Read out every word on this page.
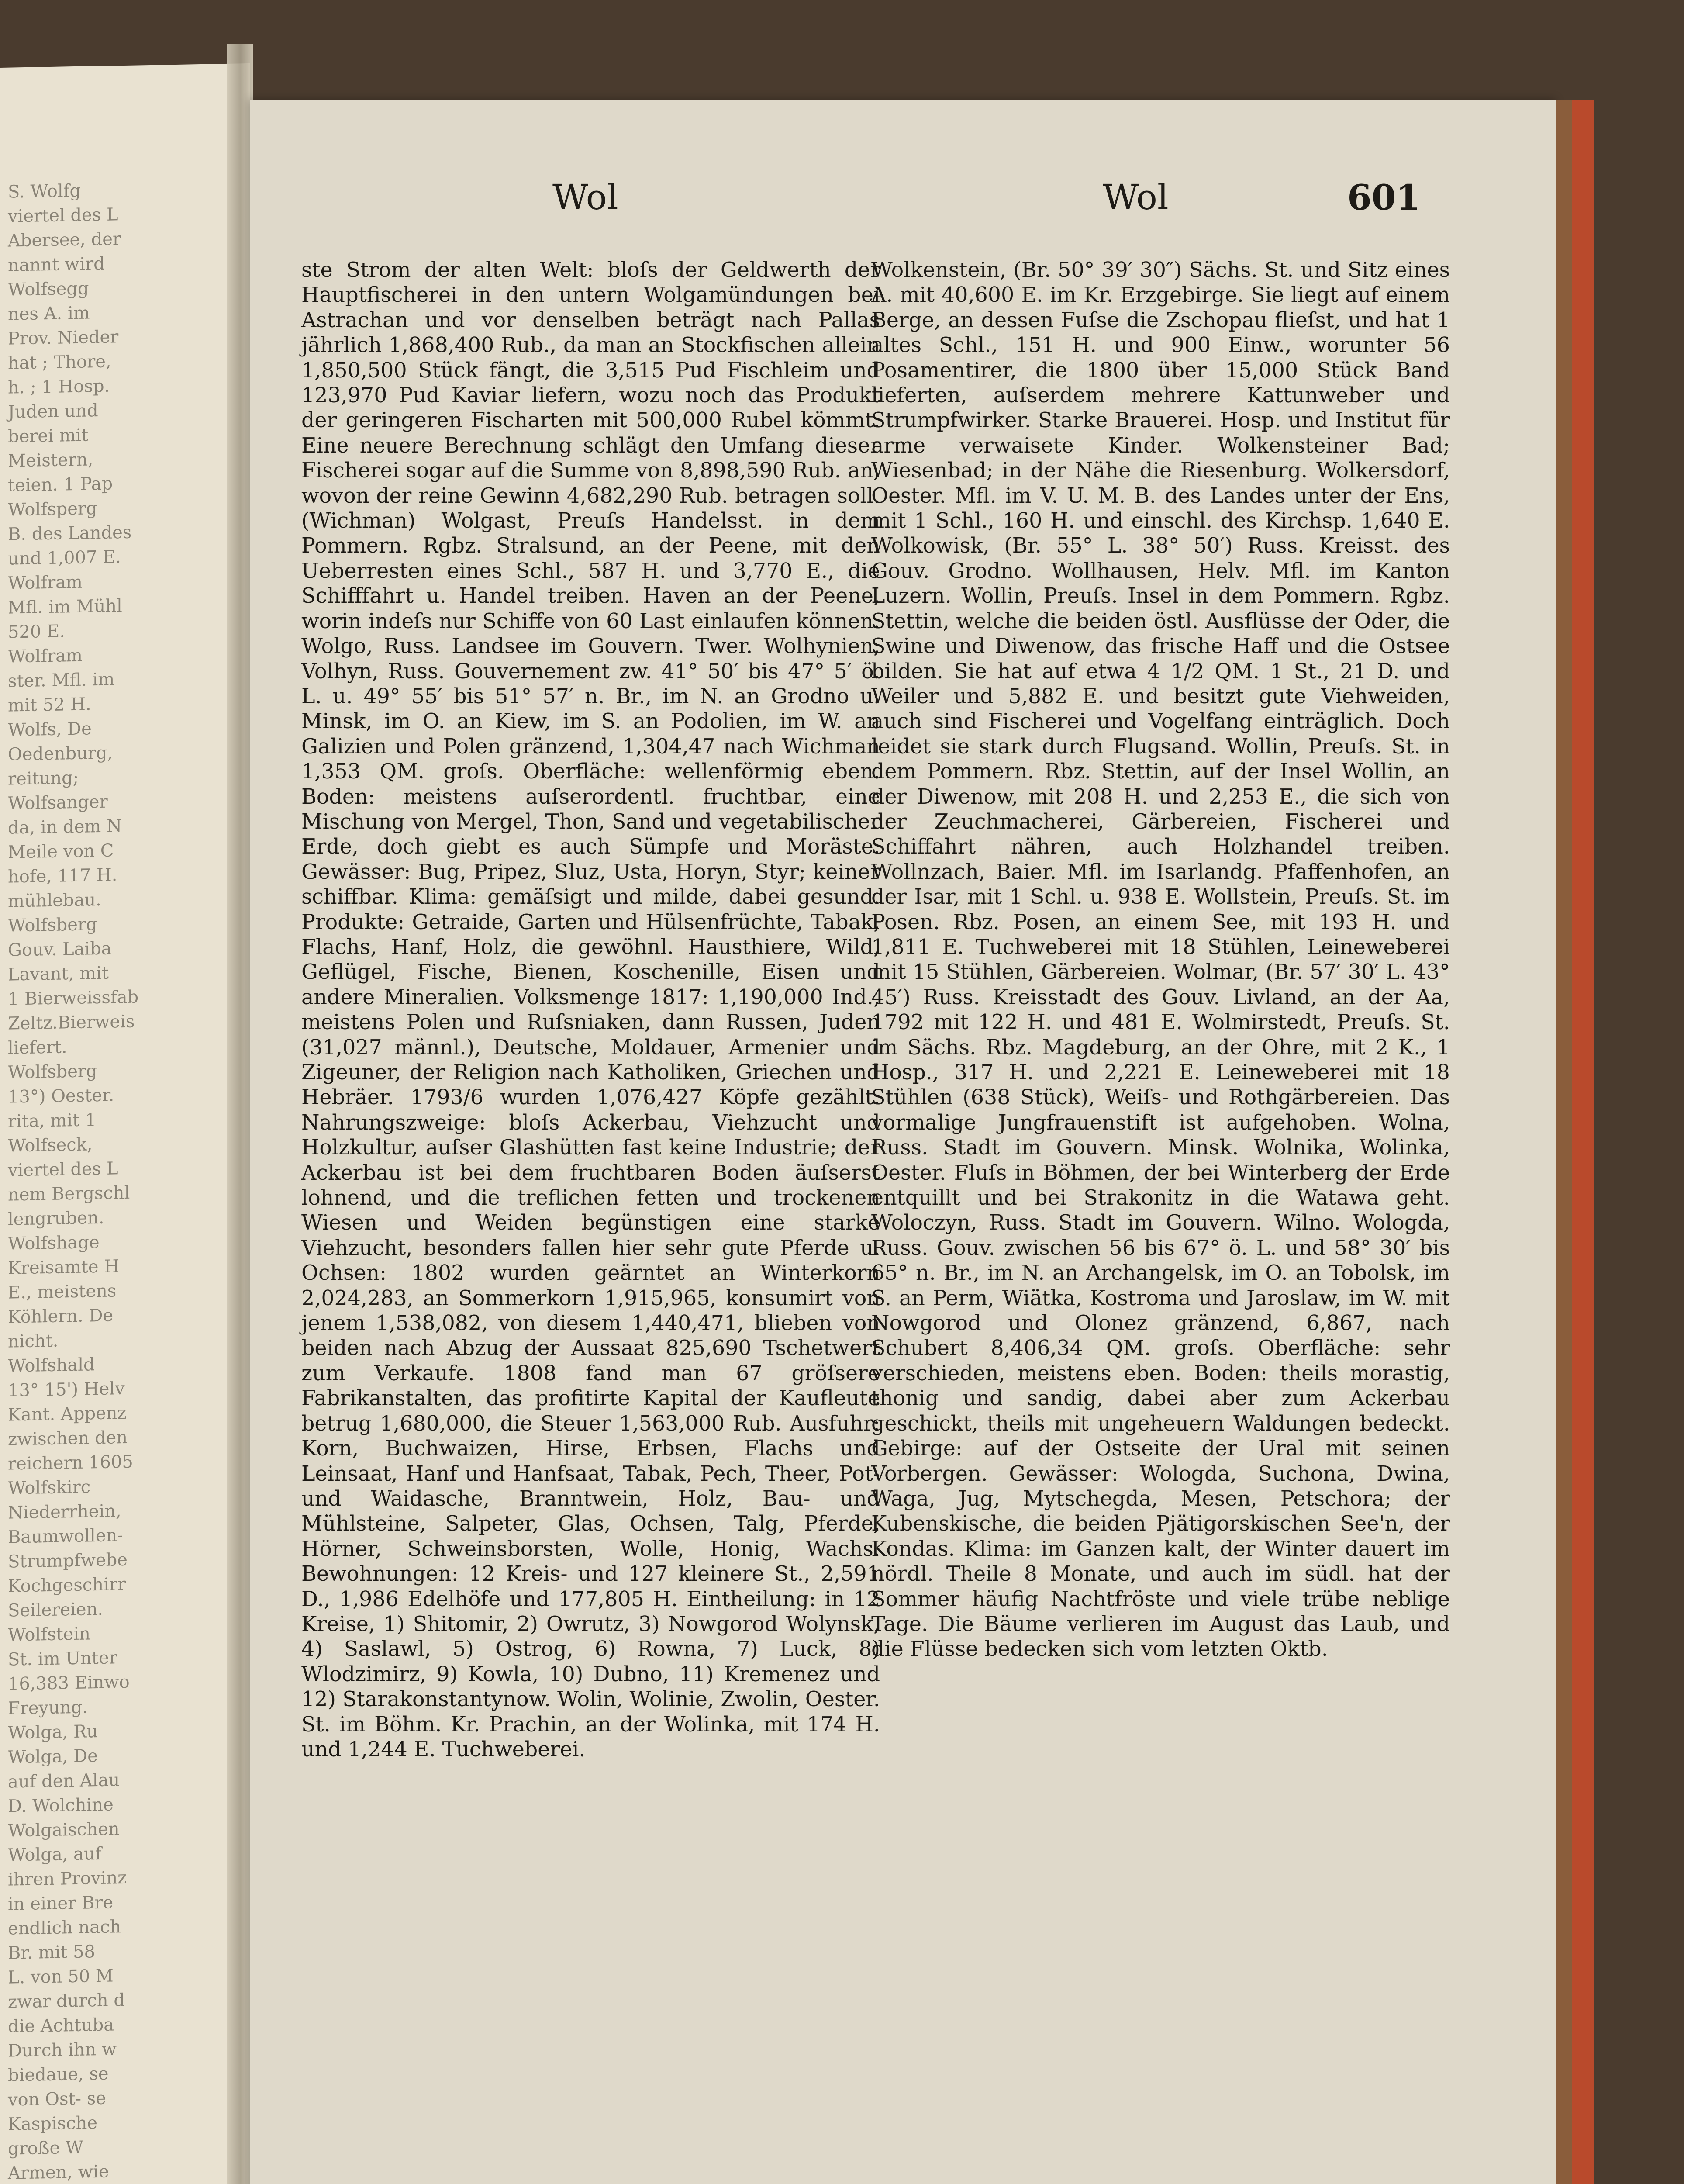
S. Wolfg
viertel des L
Abersee, der
nannt wird
Wolfsegg
nes A. im
Prov. Nieder
hat ; Thore,
h. ; 1 Hosp.
Juden und
berei mit
Meistern,
teien. 1 Pap
Wolfsperg
B. des Landes
und 1,007 E.
Wolfram
Mfl. im Mühl
520 E.
Wolfram
ster. Mfl. im
mit 52 H.
Wolfs, De
Oedenburg,
reitung;
Wolfsanger
da, in dem N
Meile von C
hofe, 117 H.
mühlebau.
Wolfsberg
Gouv. Laiba
Lavant, mit
1 Bierweissfab
Zeltz.Bierweis
liefert.
Wolfsberg
13°) Oester.
rita, mit 1
Wolfseck,
viertel des L
nem Bergschl
lengruben.
Wolfshage
Kreisamte H
E., meistens
Köhlern. De
nicht.
Wolfshald
13° 15') Helv
Kant. Appenz
zwischen den
reichern 1605
Wolfskirc
Niederrhein,
Baumwollen-
Strumpfwebe
Kochgeschirr
Seilereien.
Wolfstein
St. im Unter
16,383 Einwo
Freyung.
Wolga, Ru
Wolga, De
auf den Alau
D. Wolchine
Wolgaischen
Wolga, auf
ihren Provinz
in einer Bre
endlich nach
Br. mit 58
L. von 50 M
zwar durch d
die Achtuba
Durch ihn w
biedaue, se
von Ost- se
Kaspische
große W
Armen, wie
Wol	Wol	601

ste Strom der alten Welt: bloſs der Geldwerth der Hauptfischerei in den untern Wolgamündungen bei Astrachan und vor denselben beträgt nach Pallas jährlich 1,868,400 Rub., da man an Stockfischen allein 1,850,500 Stück fängt, die 3,515 Pud Fischleim und 123,970 Pud Kaviar liefern, wozu noch das Produkt der geringeren Fischarten mit 500,000 Rubel kömmt. Eine neuere Berechnung schlägt den Umfang dieser Fischerei sogar auf die Summe von 8,898,590 Rub. an, wovon der reine Gewinn 4,682,290 Rub. betragen soll. (Wichman) Wolgast, Preuſs Handelsst. in dem Pommern. Rgbz. Stralsund, an der Peene, mit den Ueberresten eines Schl., 587 H. und 3,770 E., die Schifffahrt u. Handel treiben. Haven an der Peene, worin indeſs nur Schiffe von 60 Last einlaufen können. Wolgo, Russ. Landsee im Gouvern. Twer. Wolhynien, Volhyn, Russ. Gouvernement zw. 41° 50′ bis 47° 5′ ö. L. u. 49° 55′ bis 51° 57′ n. Br., im N. an Grodno u. Minsk, im O. an Kiew, im S. an Podolien, im W. an Galizien und Polen gränzend, 1,304,47 nach Wichman 1,353 QM. groſs. Oberfläche: wellenförmig eben. Boden: meistens auſserordentl. fruchtbar, eine Mischung von Mergel, Thon, Sand und vegetabilischer Erde, doch giebt es auch Sümpfe und Moräste. Gewässer: Bug, Pripez, Sluz, Usta, Horyn, Styr; keiner schiffbar. Klima: gemäſsigt und milde, dabei gesund. Produkte: Getraide, Garten und Hülsenfrüchte, Tabak, Flachs, Hanf, Holz, die gewöhnl. Hausthiere, Wild, Geflügel, Fische, Bienen, Koschenille, Eisen und andere Mineralien. Volksmenge 1817: 1,190,000 Ind., meistens Polen und Ruſsniaken, dann Russen, Juden (31,027 männl.), Deutsche, Moldauer, Armenier und Zigeuner, der Religion nach Katholiken, Griechen und Hebräer. 1793/6 wurden 1,076,427 Köpfe gezählt. Nahrungszweige: bloſs Ackerbau, Viehzucht und Holzkultur, auſser Glashütten fast keine Industrie; der Ackerbau ist bei dem fruchtbaren Boden äuſserst lohnend, und die treflichen fetten und trockenen Wiesen und Weiden begünstigen eine starke Viehzucht, besonders fallen hier sehr gute Pferde u. Ochsen: 1802 wurden geärntet an Winterkorn 2,024,283, an Sommerkorn 1,915,965, konsumirt von jenem 1,538,082, von diesem 1,440,471, blieben von beiden nach Abzug der Aussaat 825,690 Tschetwert zum Verkaufe. 1808 fand man 67 gröſsere Fabrikanstalten, das profitirte Kapital der Kaufleute betrug 1,680,000, die Steuer 1,563,000 Rub. Ausfuhr: Korn, Buchwaizen, Hirse, Erbsen, Flachs und Leinsaat, Hanf und Hanfsaat, Tabak, Pech, Theer, Pot- und Waidasche, Branntwein, Holz, Bau- und Mühlsteine, Salpeter, Glas, Ochsen, Talg, Pferde, Hörner, Schweinsborsten, Wolle, Honig, Wachs. Bewohnungen: 12 Kreis- und 127 kleinere St., 2,591 D., 1,986 Edelhöfe und 177,805 H. Eintheilung: in 12 Kreise, 1) Shitomir, 2) Owrutz, 3) Nowgorod Wolynsk, 4) Saslawl, 5) Ostrog, 6) Rowna, 7) Luck, 8) Wlodzimirz, 9) Kowla, 10) Dubno, 11) Kremenez und 12) Starakonstantynow. Wolin, Wolinie, Zwolin, Oester. St. im Böhm. Kr. Prachin, an der Wolinka, mit 174 H. und 1,244 E. Tuchweberei.

Wolkenstein, (Br. 50° 39′ 30″) Sächs. St. und Sitz eines A. mit 40,600 E. im Kr. Erzgebirge. Sie liegt auf einem Berge, an dessen Fuſse die Zschopau flieſst, und hat 1 altes Schl., 151 H. und 900 Einw., worunter 56 Posamentirer, die 1800 über 15,000 Stück Band lieferten, auſserdem mehrere Kattunweber und Strumpfwirker. Starke Brauerei. Hosp. und Institut für arme verwaisete Kinder. Wolkensteiner Bad; Wiesenbad; in der Nähe die Riesenburg. Wolkersdorf, Oester. Mfl. im V. U. M. B. des Landes unter der Ens, mit 1 Schl., 160 H. und einschl. des Kirchsp. 1,640 E. Wolkowisk, (Br. 55° L. 38° 50′) Russ. Kreisst. des Gouv. Grodno. Wollhausen, Helv. Mfl. im Kanton Luzern. Wollin, Preuſs. Insel in dem Pommern. Rgbz. Stettin, welche die beiden östl. Ausflüsse der Oder, die Swine und Diwenow, das frische Haff und die Ostsee bilden. Sie hat auf etwa 4 1/2 QM. 1 St., 21 D. und Weiler und 5,882 E. und besitzt gute Viehweiden, auch sind Fischerei und Vogelfang einträglich. Doch leidet sie stark durch Flugsand. Wollin, Preuſs. St. in dem Pommern. Rbz. Stettin, auf der Insel Wollin, an der Diwenow, mit 208 H. und 2,253 E., die sich von der Zeuchmacherei, Gärbereien, Fischerei und Schiffahrt nähren, auch Holzhandel treiben. Wollnzach, Baier. Mfl. im Isarlandg. Pfaffenhofen, an der Isar, mit 1 Schl. u. 938 E. Wollstein, Preuſs. St. im Posen. Rbz. Posen, an einem See, mit 193 H. und 1,811 E. Tuchweberei mit 18 Stühlen, Leineweberei mit 15 Stühlen, Gärbereien. Wolmar, (Br. 57′ 30′ L. 43° 45′) Russ. Kreisstadt des Gouv. Livland, an der Aa, 1792 mit 122 H. und 481 E. Wolmirstedt, Preuſs. St. im Sächs. Rbz. Magdeburg, an der Ohre, mit 2 K., 1 Hosp., 317 H. und 2,221 E. Leineweberei mit 18 Stühlen (638 Stück), Weiſs- und Rothgärbereien. Das vormalige Jungfrauenstift ist aufgehoben. Wolna, Russ. Stadt im Gouvern. Minsk. Wolnika, Wolinka, Oester. Fluſs in Böhmen, der bei Winterberg der Erde entquillt und bei Strakonitz in die Watawa geht. Woloczyn, Russ. Stadt im Gouvern. Wilno. Wologda, Russ. Gouv. zwischen 56 bis 67° ö. L. und 58° 30′ bis 65° n. Br., im N. an Archangelsk, im O. an Tobolsk, im S. an Perm, Wiätka, Kostroma und Jaroslaw, im W. mit Nowgorod und Olonez gränzend, 6,867, nach Schubert 8,406,34 QM. groſs. Oberfläche: sehr verschieden, meistens eben. Boden: theils morastig, thonig und sandig, dabei aber zum Ackerbau geschickt, theils mit ungeheuern Waldungen bedeckt. Gebirge: auf der Ostseite der Ural mit seinen Vorbergen. Gewässer: Wologda, Suchona, Dwina, Waga, Jug, Mytschegda, Mesen, Petschora; der Kubenskische, die beiden Pjätigorskischen See'n, der Kondas. Klima: im Ganzen kalt, der Winter dauert im nördl. Theile 8 Monate, und auch im südl. hat der Sommer häufig Nachtfröste und viele trübe neblige Tage. Die Bäume verlieren im August das Laub, und die Flüsse bedecken sich vom letzten Oktb.
